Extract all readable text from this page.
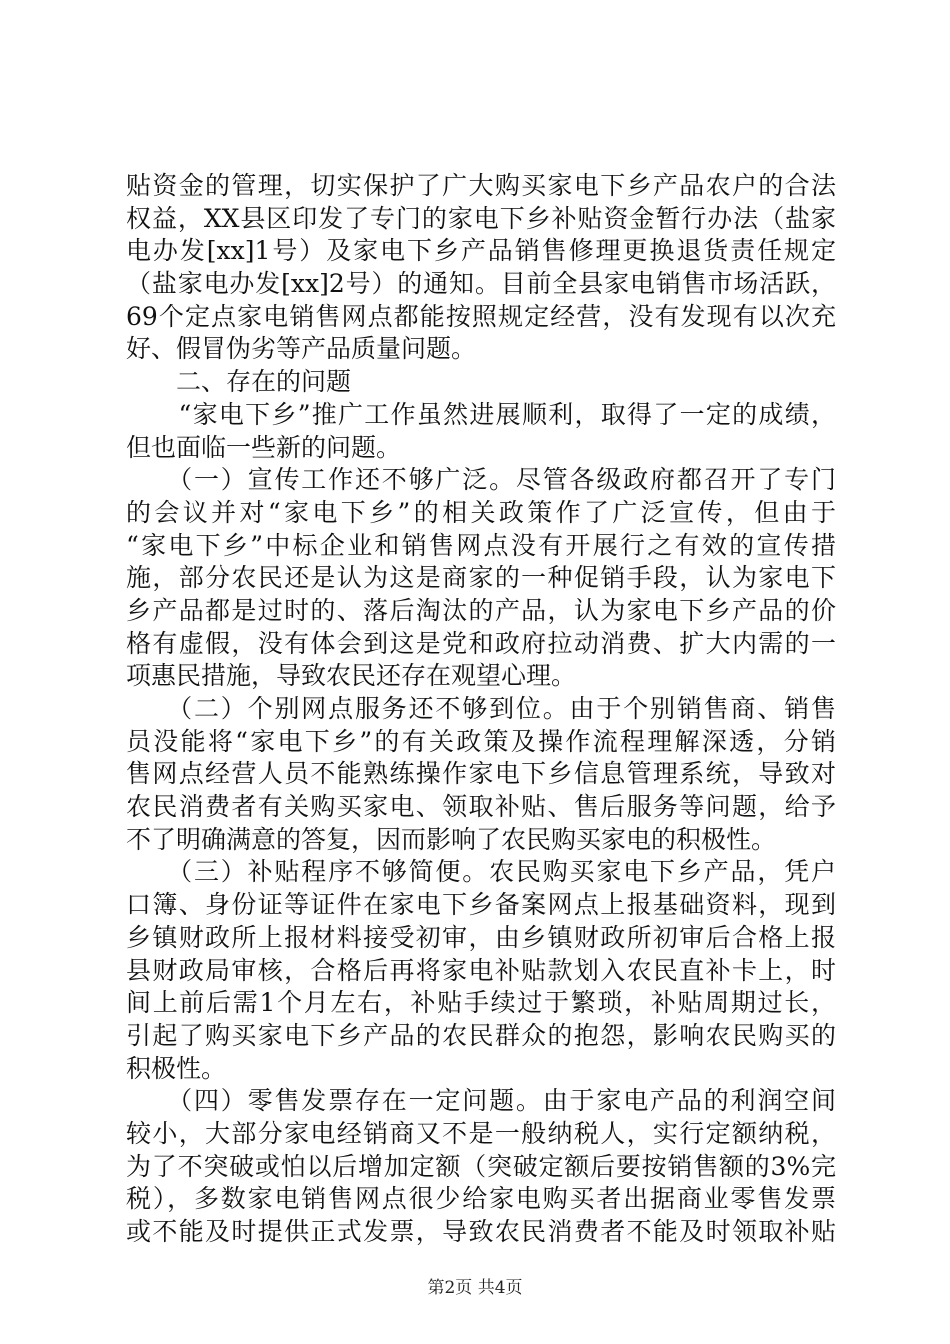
贴资金的管理，切实保护了广大购买家电下乡产品农户的合法
权益，XX县区印发了专门的家电下乡补贴资金暂行办法（盐家
电办发[xx]1号）及家电下乡产品销售修理更换退货责任规定
（盐家电办发[xx]2号）的通知。目前全县家电销售市场活跃，
69个定点家电销售网点都能按照规定经营，没有发现有以次充
好、假冒伪劣等产品质量问题。
　　二、存在的问题
　　“家电下乡”推广工作虽然进展顺利，取得了一定的成绩，
但也面临一些新的问题。
　　（一）宣传工作还不够广泛。尽管各级政府都召开了专门
的会议并对“家电下乡”的相关政策作了广泛宣传，但由于
“家电下乡”中标企业和销售网点没有开展行之有效的宣传措
施，部分农民还是认为这是商家的一种促销手段，认为家电下
乡产品都是过时的、落后淘汰的产品，认为家电下乡产品的价
格有虚假，没有体会到这是党和政府拉动消费、扩大内需的一
项惠民措施，导致农民还存在观望心理。
　　（二）个别网点服务还不够到位。由于个别销售商、销售
员没能将“家电下乡”的有关政策及操作流程理解深透，分销
售网点经营人员不能熟练操作家电下乡信息管理系统，导致对
农民消费者有关购买家电、领取补贴、售后服务等问题，给予
不了明确满意的答复，因而影响了农民购买家电的积极性。
　　（三）补贴程序不够简便。农民购买家电下乡产品，凭户
口簿、身份证等证件在家电下乡备案网点上报基础资料，现到
乡镇财政所上报材料接受初审，由乡镇财政所初审后合格上报
县财政局审核，合格后再将家电补贴款划入农民直补卡上，时
间上前后需1个月左右，补贴手续过于繁琐，补贴周期过长，
引起了购买家电下乡产品的农民群众的抱怨，影响农民购买的
积极性。
　　（四）零售发票存在一定问题。由于家电产品的利润空间
较小，大部分家电经销商又不是一般纳税人，实行定额纳税，
为了不突破或怕以后增加定额（突破定额后要按销售额的3%完
税），多数家电销售网点很少给家电购买者出据商业零售发票
或不能及时提供正式发票，导致农民消费者不能及时领取补贴
第2页 共4页
